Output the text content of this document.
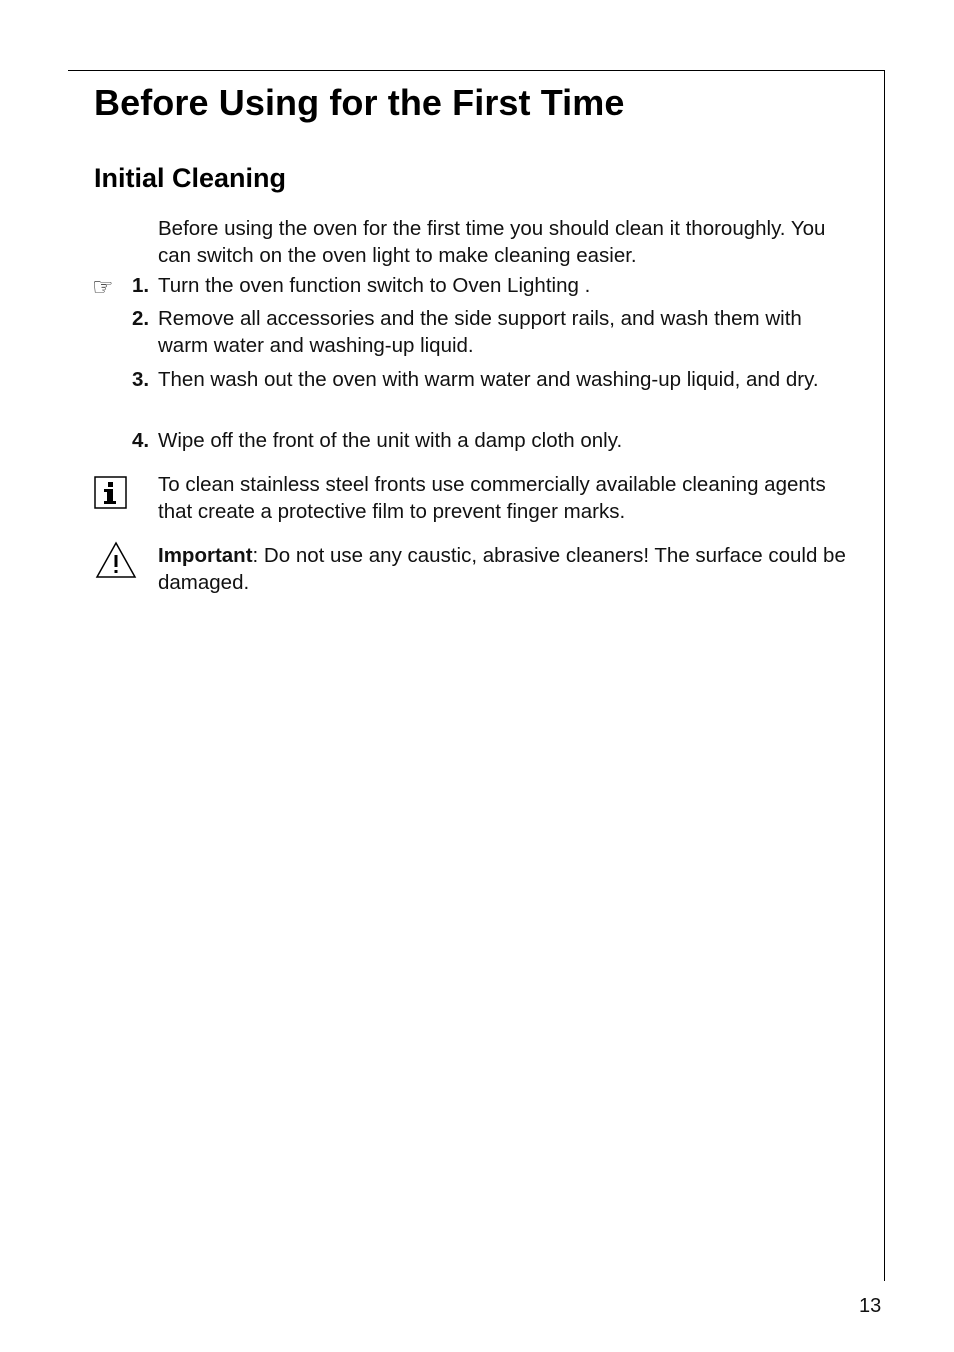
Before Using for the First Time
Initial Cleaning

Before using the oven for the first time you should clean it thoroughly. You can switch on the oven light to make cleaning easier.

☞ 1. Turn the oven function switch to Oven Lighting .

2. Remove all accessories and the side support rails, and wash them with warm water and washing-up liquid.

3. Then wash out the oven with warm water and washing-up liquid, and dry.

4. Wipe off the front of the unit with a damp cloth only.

To clean stainless steel fronts use commercially available cleaning agents that create a protective film to prevent finger marks.

Important: Do not use any caustic, abrasive cleaners! The surface could be damaged.

13
